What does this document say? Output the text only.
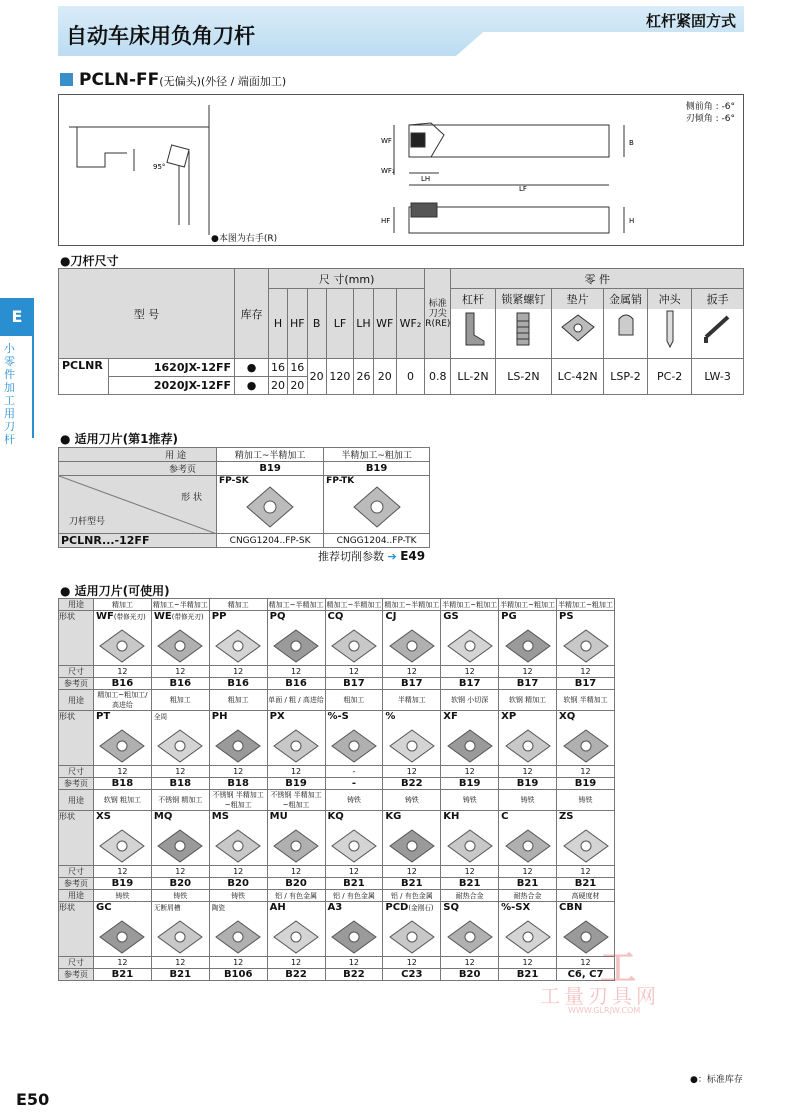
自动车床用负角刀杆
杠杆紧固方式
PCLN-FF(无偏头)(外径 / 端面加工)
95°
WF
WF₂
LH
LF
B
HF	H
侧前角 : -6°
刃倾角 : -6°
●本图为右手(R)
E
小零件加工用刀杆
●刀杆尺寸
型 号		库存	尺 寸(mm)							标准刀尖R(RE)	零 件					
			H	HF	B	LF	LH	WF	WF₂		杠杆	锁紧螺钉	垫片	金属销	冲头	扳手

PCLNR	1620JX-12FF	●	16	16	20	120	26	20	0	0.8	LL-2N	LS-2N	LC-42N	LSP-2	PC-2	LW-3
	2020JX-12FF	●	20	20												
● 适用刀片(第1推荐)
用 途	精加工~半精加工	半精加工~粗加工
参考页	B19	B19

形 状
刀杆型号	FP-SK	FP-TK

PCLNR...-12FF	CNGG1204..FP-SK	CNGG1204..FP-TK
推荐切削参数 ➔ E49
● 适用刀片(可使用)
用途	精加工	精加工~半精加工	精加工	精加工~半精加工	精加工~半精加工	精加工~半精加工	半精加工~粗加工	半精加工~粗加工	半精加工~粗加工
形状	WF(带修光刃)	WE(带修光刃)	PP	PQ	CQ	CJ	GS	PG	PS

尺寸	12	12	12	12	12	12	12	12	12
参考页	B16	B16	B16	B16	B17	B17	B17	B17	B17
用途	精加工~粗加工/高进给	粗加工	粗加工	单面 / 粗 / 高进给	粗加工	半精加工	软钢 小切深	软钢 精加工	软钢 半精加工
形状	PT	全周	PH	PX	%-S	%	XF	XP	XQ

尺寸	12	12	12	12	-	12	12	12	12
参考页	B18	B18	B18	B19	-	B22	B19	B19	B19
用途	软钢 粗加工	不锈钢 精加工	不锈钢 半精加工~粗加工	不锈钢 半精加工~粗加工	铸铁	铸铁	铸铁	铸铁	铸铁
形状	XS	MQ	MS	MU	KQ	KG	KH	C	ZS

尺寸	12	12	12	12	12	12	12	12	12
参考页	B19	B20	B20	B20	B21	B21	B21	B21	B21
用途	铸铁	铸铁	铸铁	铝 / 有色金属	铝 / 有色金属	铝 / 有色金属	耐热合金	耐热合金	高硬度材
形状	GC	无断屑槽	陶瓷	AH	A3	PCD(金刚石)	SQ	%-SX	CBN

尺寸	12	12	12	12	12	12	12	12	12
参考页	B21	B21	B106	B22	B22	C23	B20	B21	C6, C7
●：标准库存
E50
工
工量刃具网
WWW.GLRJW.COM
